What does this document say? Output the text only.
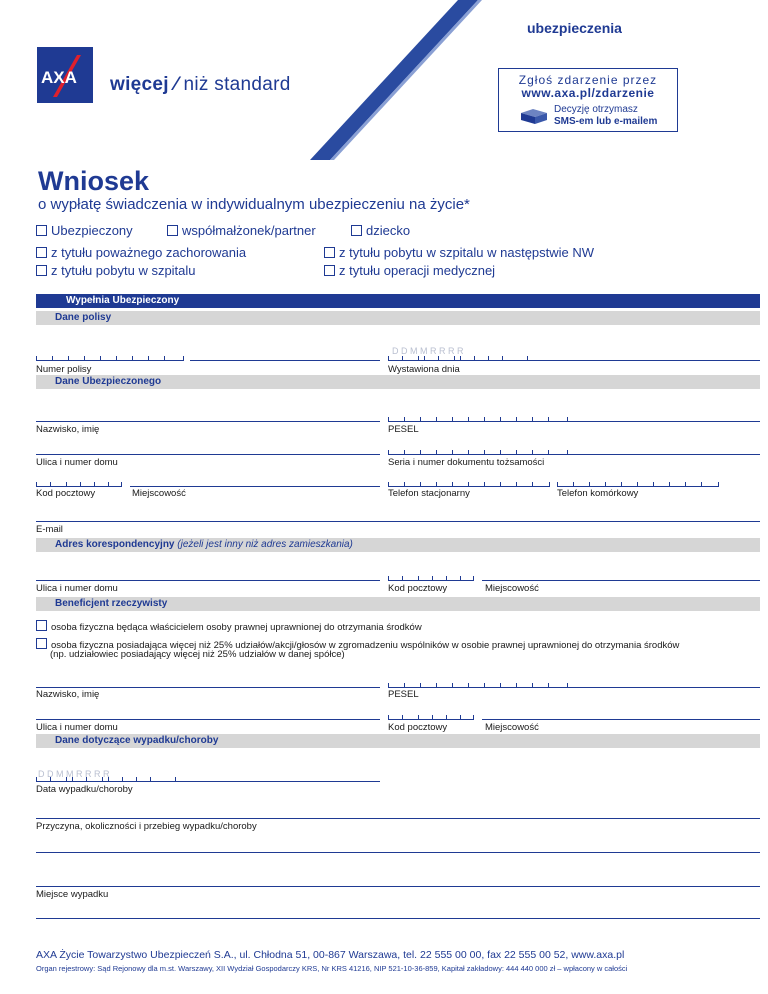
AXA więcej ⁄ niż standard
ubezpieczenia
Zgłoś zdarzenie przez
www.axa.pl/zdarzenie
Decyzję otrzymasz
SMS-em lub e-mailem
Wniosek
o wypłatę świadczenia w indywidualnym ubezpieczeniu na życie*
Ubezpieczony	współmałżonek/partner	dziecko
z tytułu poważnego zachorowania	z tytułu pobytu w szpitalu w następstwie NW
z tytułu pobytu w szpitalu	z tytułu operacji medycznej
Wypełnia Ubezpieczony
Dane polisy
Numer polisy
D D M M R R R R
Wystawiona dnia
Dane Ubezpieczonego
Nazwisko, imię	PESEL
Ulica i numer domu	Seria i numer dokumentu tożsamości
Kod pocztowy	Miejscowość	Telefon stacjonarny	Telefon komórkowy
E-mail
Adres korespondencyjny (jeżeli jest inny niż adres zamieszkania)
Ulica i numer domu	Kod pocztowy	Miejscowość
Beneficjent rzeczywisty
osoba fizyczna będąca właścicielem osoby prawnej uprawnionej do otrzymania środków
osoba fizyczna posiadająca więcej niż 25% udziałów/akcji/głosów w zgromadzeniu wspólników w osobie prawnej uprawnionej do otrzymania środków
(np. udziałowiec posiadający więcej niż 25% udziałów w danej spółce)
Nazwisko, imię	PESEL
Ulica i numer domu	Kod pocztowy	Miejscowość
Dane dotyczące wypadku/choroby
D D M M R R R R
Data wypadku/choroby
Przyczyna, okoliczności i przebieg wypadku/choroby
Miejsce wypadku
AXA Życie Towarzystwo Ubezpieczeń S.A., ul. Chłodna 51, 00-867 Warszawa, tel. 22 555 00 00, fax 22 555 00 52, www.axa.pl
Organ rejestrowy: Sąd Rejonowy dla m.st. Warszawy, XII Wydział Gospodarczy KRS, Nr KRS 41216, NIP 521-10-36-859, Kapitał zakładowy: 444 440 000 zł – wpłacony w całości
